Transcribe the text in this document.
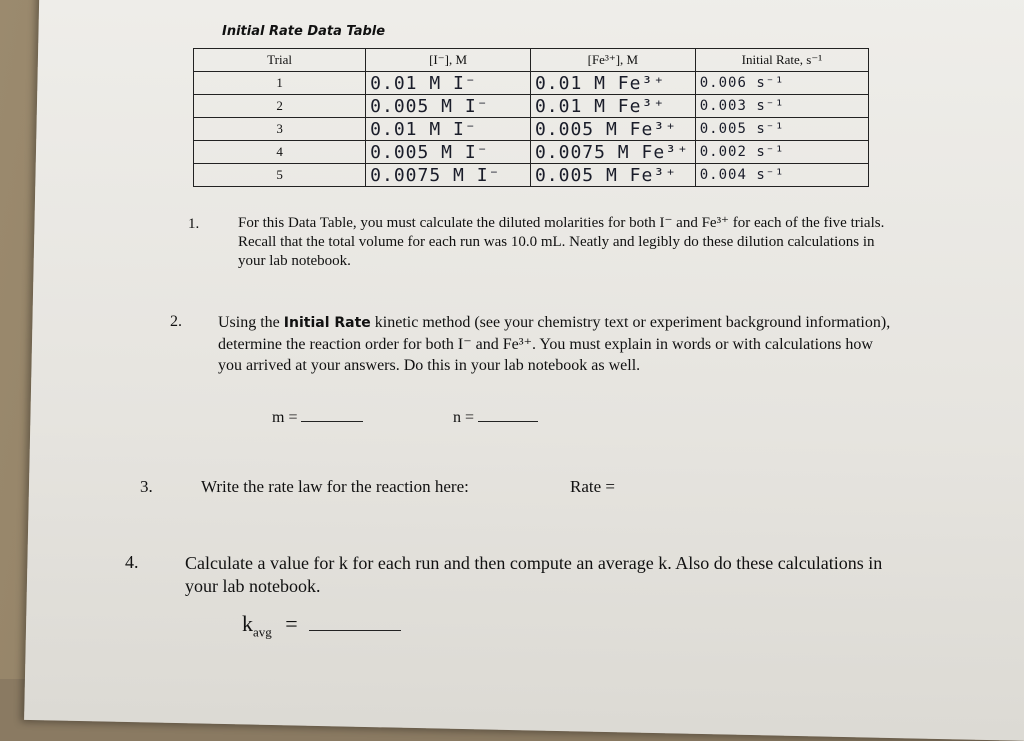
Initial Rate Data Table
Trial	[I⁻], M	[Fe³⁺], M	Initial Rate, s⁻¹
1	0.01 M I⁻	0.01 M Fe³⁺	0.006 s⁻¹
2	0.005 M I⁻	0.01 M Fe³⁺	0.003 s⁻¹
3	0.01 M I⁻	0.005 M Fe³⁺	0.005 s⁻¹
4	0.005 M I⁻	0.0075 M Fe³⁺	0.002 s⁻¹
5	0.0075 M I⁻	0.005 M Fe³⁺	0.004 s⁻¹
1.	For this Data Table, you must calculate the diluted molarities for both I⁻ and Fe³⁺ for each of the five trials. Recall that the total volume for each run was 10.0 mL. Neatly and legibly do these dilution calculations in your lab notebook.
2. Using the Initial Rate kinetic method (see your chemistry text or experiment background information), determine the reaction order for both I⁻ and Fe³⁺. You must explain in words or with calculations how you arrived at your answers. Do this in your lab notebook as well.
m =	n =
3.	Write the rate law for the reaction here:	Rate =
4.	Calculate a value for k for each run and then compute an average k. Also do these calculations in your lab notebook.
$k_{avg}$ =
